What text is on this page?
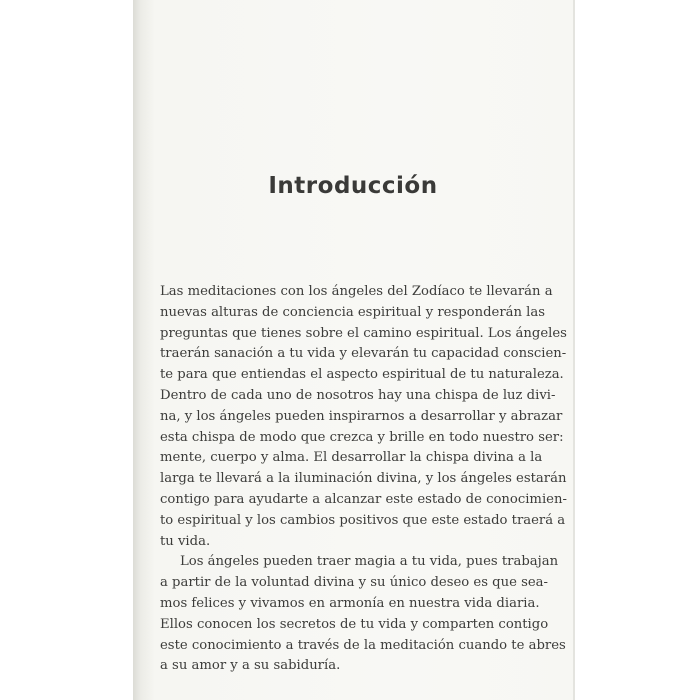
Introducción
Las meditaciones con los ángeles del Zodíaco te llevarán a
nuevas alturas de conciencia espiritual y responderán las
preguntas que tienes sobre el camino espiritual. Los ángeles
traerán sanación a tu vida y elevarán tu capacidad conscien-
te para que entiendas el aspecto espiritual de tu naturaleza.
Dentro de cada uno de nosotros hay una chispa de luz divi-
na, y los ángeles pueden inspirarnos a desarrollar y abrazar
esta chispa de modo que crezca y brille en todo nuestro ser:
mente, cuerpo y alma. El desarrollar la chispa divina a la
larga te llevará a la iluminación divina, y los ángeles estarán
contigo para ayudarte a alcanzar este estado de conocimien-
to espiritual y los cambios positivos que este estado traerá a
tu vida.
Los ángeles pueden traer magia a tu vida, pues trabajan
a partir de la voluntad divina y su único deseo es que sea-
mos felices y vivamos en armonía en nuestra vida diaria.
Ellos conocen los secretos de tu vida y comparten contigo
este conocimiento a través de la meditación cuando te abres
a su amor y a su sabiduría.
